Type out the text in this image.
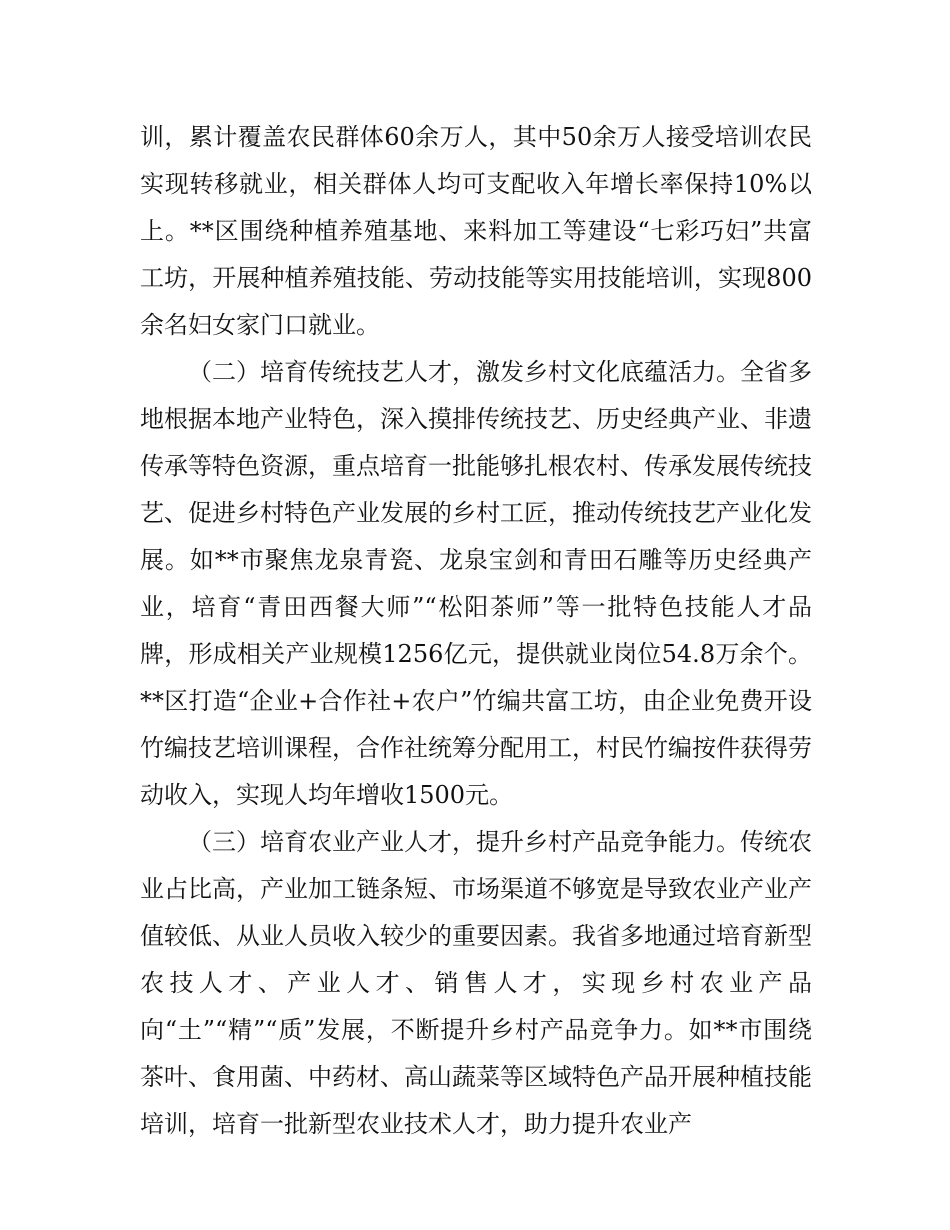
训，累计覆盖农民群体60余万人，其中50余万人接受培训农民实现转移就业，相关群体人均可支配收入年增长率保持10%以上。**区围绕种植养殖基地、来料加工等建设“七彩巧妇”共富工坊，开展种植养殖技能、劳动技能等实用技能培训，实现800余名妇女家门口就业。

（二）培育传统技艺人才，激发乡村文化底蕴活力。全省多地根据本地产业特色，深入摸排传统技艺、历史经典产业、非遗传承等特色资源，重点培育一批能够扎根农村、传承发展传统技艺、促进乡村特色产业发展的乡村工匠，推动传统技艺产业化发展。如**市聚焦龙泉青瓷、龙泉宝剑和青田石雕等历史经典产业，培育“青田西餐大师”“松阳茶师”等一批特色技能人才品牌，形成相关产业规模1256亿元，提供就业岗位54.8万余个。**区打造“企业+合作社+农户”竹编共富工坊，由企业免费开设竹编技艺培训课程，合作社统筹分配用工，村民竹编按件获得劳动收入，实现人均年增收1500元。

（三）培育农业产业人才，提升乡村产品竞争能力。传统农业占比高，产业加工链条短、市场渠道不够宽是导致农业产业产值较低、从业人员收入较少的重要因素。我省多地通过培育新型农技人才、产业人才、销售人才，实现乡村农业产品向“土”“精”“质”发展，不断提升乡村产品竞争力。如**市围绕茶叶、食用菌、中药材、高山蔬菜等区域特色产品开展种植技能培训，培育一批新型农业技术人才，助力提升农业产
